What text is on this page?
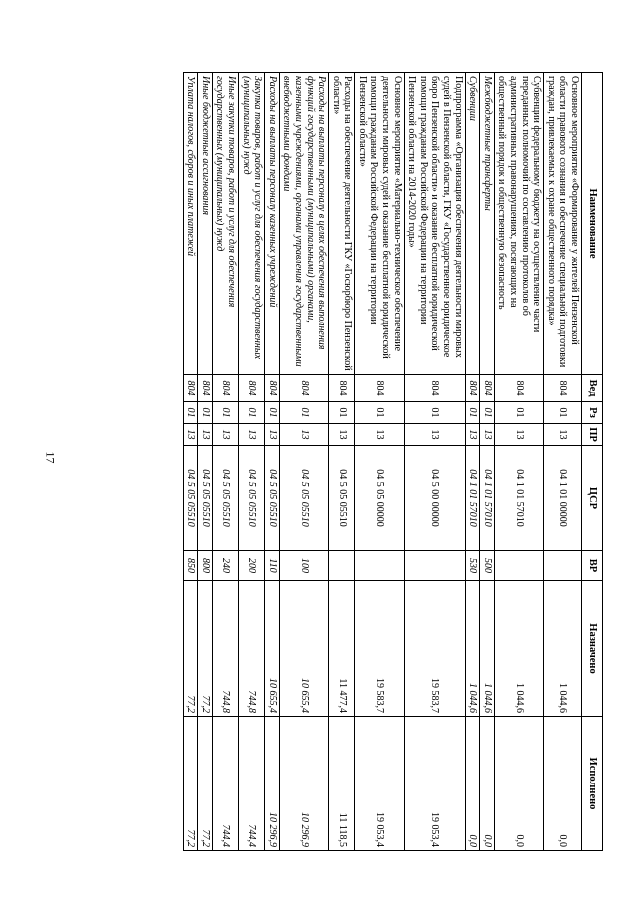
17
Наименование	Вед	Рз	ПР	ЦСР	ВР	Назначено	Исполнено
Основное мероприятие «Формирование у жителей Пензенской области правового сознания и обеспечение специальной подготовки граждан, привлекаемых к охране общественного порядка»	804	01	13	04 1 01 00000		1 044,6	0,0
Субвенции федеральному бюджету на осуществление части переданных полномочий по составлению протоколов об административных правонарушениях, посягающих на общественный порядок и общественную безопасность	804	01	13	04 1 01 57010		1 044,6	0,0
Межбюджетные трансферты	804	01	13	04 1 01 57010	500	1 044,6	0,0
Субвенции	804	01	13	04 1 01 57010	530	1 044,6	0,0
Подпрограмма «Организация обеспечения деятельности мировых судей в Пензенской области, ГКУ «Государственное юридическое бюро Пензенской области» и оказание бесплатной юридической помощи гражданам Российской Федерации на территории Пензенской области на 2014-2020 годы»	804	01	13	04 5 00 00000		19 583,7	19 053,4
Основное мероприятие «Материально-техническое обеспечение деятельности мировых судей и оказание бесплатной юридической помощи гражданам Российской Федерации на территории Пензенской области»	804	01	13	04 5 05 00000		19 583,7	19 053,4
Расходы на обеспечение деятельности ГКУ «Госюрбюро Пензенской области»	804	01	13	04 5 05 05510		11 477,4	11 118,5
Расходы на выплаты персоналу в целях обеспечения выполнения функций государственными (муниципальными) органами, казенными учреждениями, органами управления государственными внебюджетными фондами	804	01	13	04 5 05 05510	100	10 655,4	10 296,9
Расходы на выплаты персоналу казенных учреждений	804	01	13	04 5 05 05510	110	10 655,4	10 296,9
Закупка товаров, работ и услуг для обеспечения государственных (муниципальных) нужд	804	01	13	04 5 05 05510	200	744,8	744,4
Иные закупки товаров, работ и услуг для обеспечения государственных (муниципальных) нужд	804	01	13	04 5 05 05510	240	744,8	744,4
Иные бюджетные ассигнования	804	01	13	04 5 05 05510	800	77,2	77,2
Уплата налогов, сборов и иных платежей	804	01	13	04 5 05 05510	850	77,2	77,2
